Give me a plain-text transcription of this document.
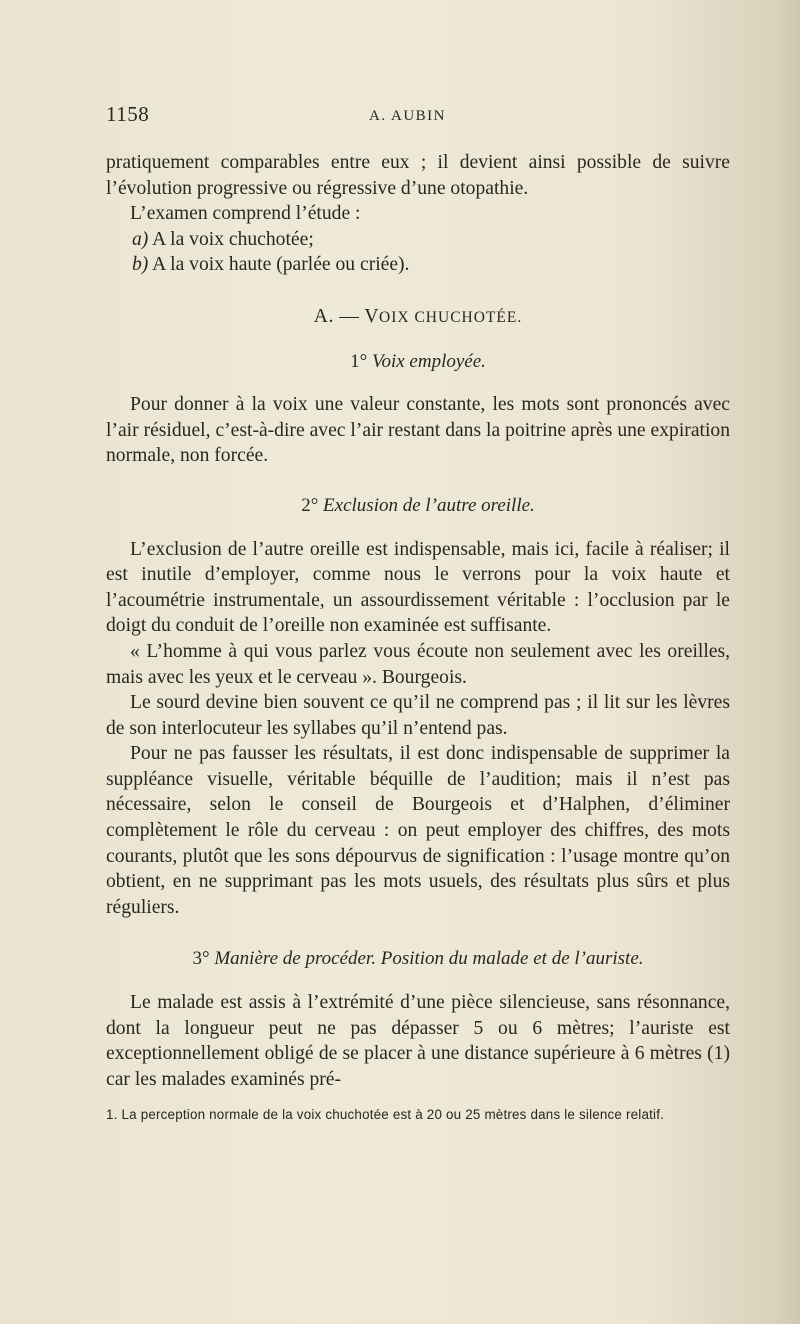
1158	A. AUBIN

pratiquement comparables entre eux ; il devient ainsi possible de suivre l’évolution progressive ou régressive d’une otopathie.

L’examen comprend l’étude :

a) A la voix chuchotée;

b) A la voix haute (parlée ou criée).

A. — VOIX CHUCHOTÉE.
1° Voix employée.

Pour donner à la voix une valeur constante, les mots sont prononcés avec l’air résiduel, c’est-à-dire avec l’air restant dans la poitrine après une expiration normale, non forcée.

2° Exclusion de l’autre oreille.

L’exclusion de l’autre oreille est indispensable, mais ici, facile à réaliser; il est inutile d’employer, comme nous le verrons pour la voix haute et l’acoumétrie instrumentale, un assourdissement véritable : l’occlusion par le doigt du conduit de l’oreille non examinée est suffisante.

« L’homme à qui vous parlez vous écoute non seulement avec les oreilles, mais avec les yeux et le cerveau ». Bourgeois.

Le sourd devine bien souvent ce qu’il ne comprend pas ; il lit sur les lèvres de son interlocuteur les syllabes qu’il n’entend pas.

Pour ne pas fausser les résultats, il est donc indispensable de supprimer la suppléance visuelle, véritable béquille de l’audition; mais il n’est pas nécessaire, selon le conseil de Bourgeois et d’Halphen, d’éliminer complètement le rôle du cerveau : on peut employer des chiffres, des mots courants, plutôt que les sons dépourvus de signification : l’usage montre qu’on obtient, en ne supprimant pas les mots usuels, des résultats plus sûrs et plus réguliers.

3° Manière de procéder. Position du malade et de l’auriste.

Le malade est assis à l’extrémité d’une pièce silencieuse, sans résonnance, dont la longueur peut ne pas dépasser 5 ou 6 mètres; l’auriste est exceptionnellement obligé de se placer à une distance supérieure à 6 mètres (1) car les malades examinés pré-

1. La perception normale de la voix chuchotée est à 20 ou 25 mètres dans le silence relatif.
